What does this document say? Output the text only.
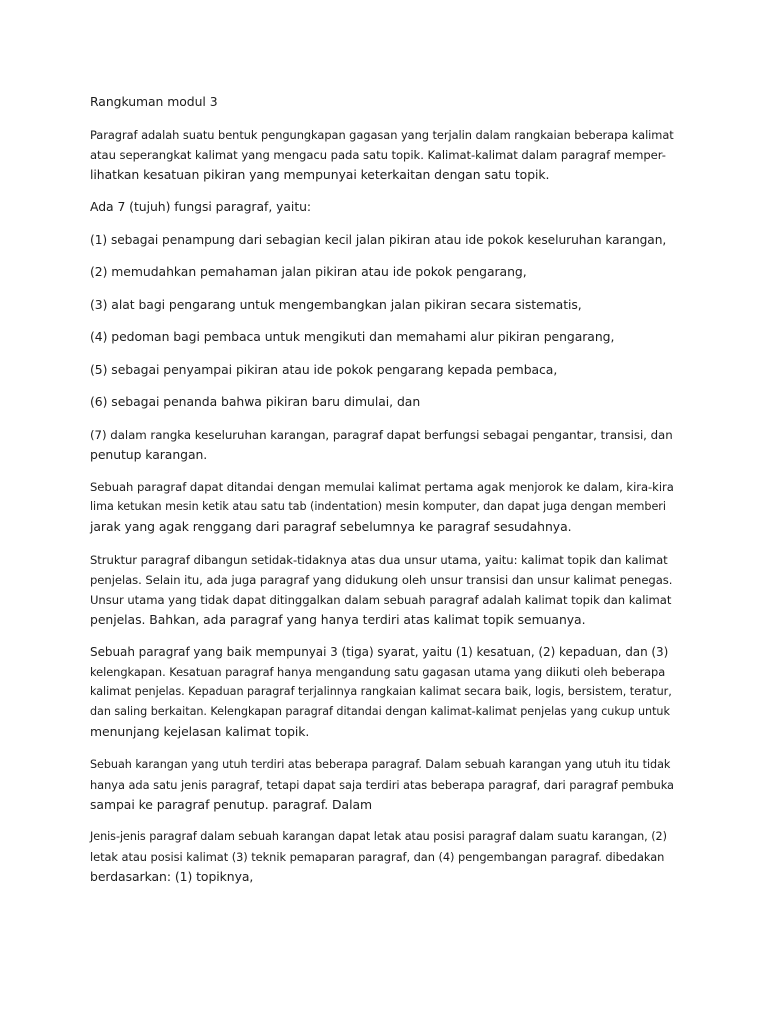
Rangkuman modul 3
Paragraf adalah suatu bentuk pengungkapan gagasan yang terjalin dalam rangkaian beberapa kalimat
atau seperangkat kalimat yang mengacu pada satu topik. Kalimat-kalimat dalam paragraf memper-
lihatkan kesatuan pikiran yang mempunyai keterkaitan dengan satu topik.
Ada 7 (tujuh) fungsi paragraf, yaitu:
(1) sebagai penampung dari sebagian kecil jalan pikiran atau ide pokok keseluruhan karangan,
(2) memudahkan pemahaman jalan pikiran atau ide pokok pengarang,
(3) alat bagi pengarang untuk mengembangkan jalan pikiran secara sistematis,
(4) pedoman bagi pembaca untuk mengikuti dan memahami alur pikiran pengarang,
(5) sebagai penyampai pikiran atau ide pokok pengarang kepada pembaca,
(6) sebagai penanda bahwa pikiran baru dimulai, dan
(7) dalam rangka keseluruhan karangan, paragraf dapat berfungsi sebagai pengantar, transisi, dan
penutup karangan.
Sebuah paragraf dapat ditandai dengan memulai kalimat pertama agak menjorok ke dalam, kira-kira
lima ketukan mesin ketik atau satu tab (indentation) mesin komputer, dan dapat juga dengan memberi
jarak yang agak renggang dari paragraf sebelumnya ke paragraf sesudahnya.
Struktur paragraf dibangun setidak-tidaknya atas dua unsur utama, yaitu: kalimat topik dan kalimat
penjelas. Selain itu, ada juga paragraf yang didukung oleh unsur transisi dan unsur kalimat penegas.
Unsur utama yang tidak dapat ditinggalkan dalam sebuah paragraf adalah kalimat topik dan kalimat
penjelas. Bahkan, ada paragraf yang hanya terdiri atas kalimat topik semuanya.
Sebuah paragraf yang baik mempunyai 3 (tiga) syarat, yaitu (1) kesatuan, (2) kepaduan, dan (3)
kelengkapan. Kesatuan paragraf hanya mengandung satu gagasan utama yang diikuti oleh beberapa
kalimat penjelas. Kepaduan paragraf terjalinnya rangkaian kalimat secara baik, logis, bersistem, teratur,
dan saling berkaitan. Kelengkapan paragraf ditandai dengan kalimat-kalimat penjelas yang cukup untuk
menunjang kejelasan kalimat topik.
Sebuah karangan yang utuh terdiri atas beberapa paragraf. Dalam sebuah karangan yang utuh itu tidak
hanya ada satu jenis paragraf, tetapi dapat saja terdiri atas beberapa paragraf, dari paragraf pembuka
sampai ke paragraf penutup. paragraf. Dalam
Jenis-jenis paragraf dalam sebuah karangan dapat letak atau posisi paragraf dalam suatu karangan, (2)
letak atau posisi kalimat (3) teknik pemaparan paragraf, dan (4) pengembangan paragraf. dibedakan
berdasarkan: (1) topiknya,
